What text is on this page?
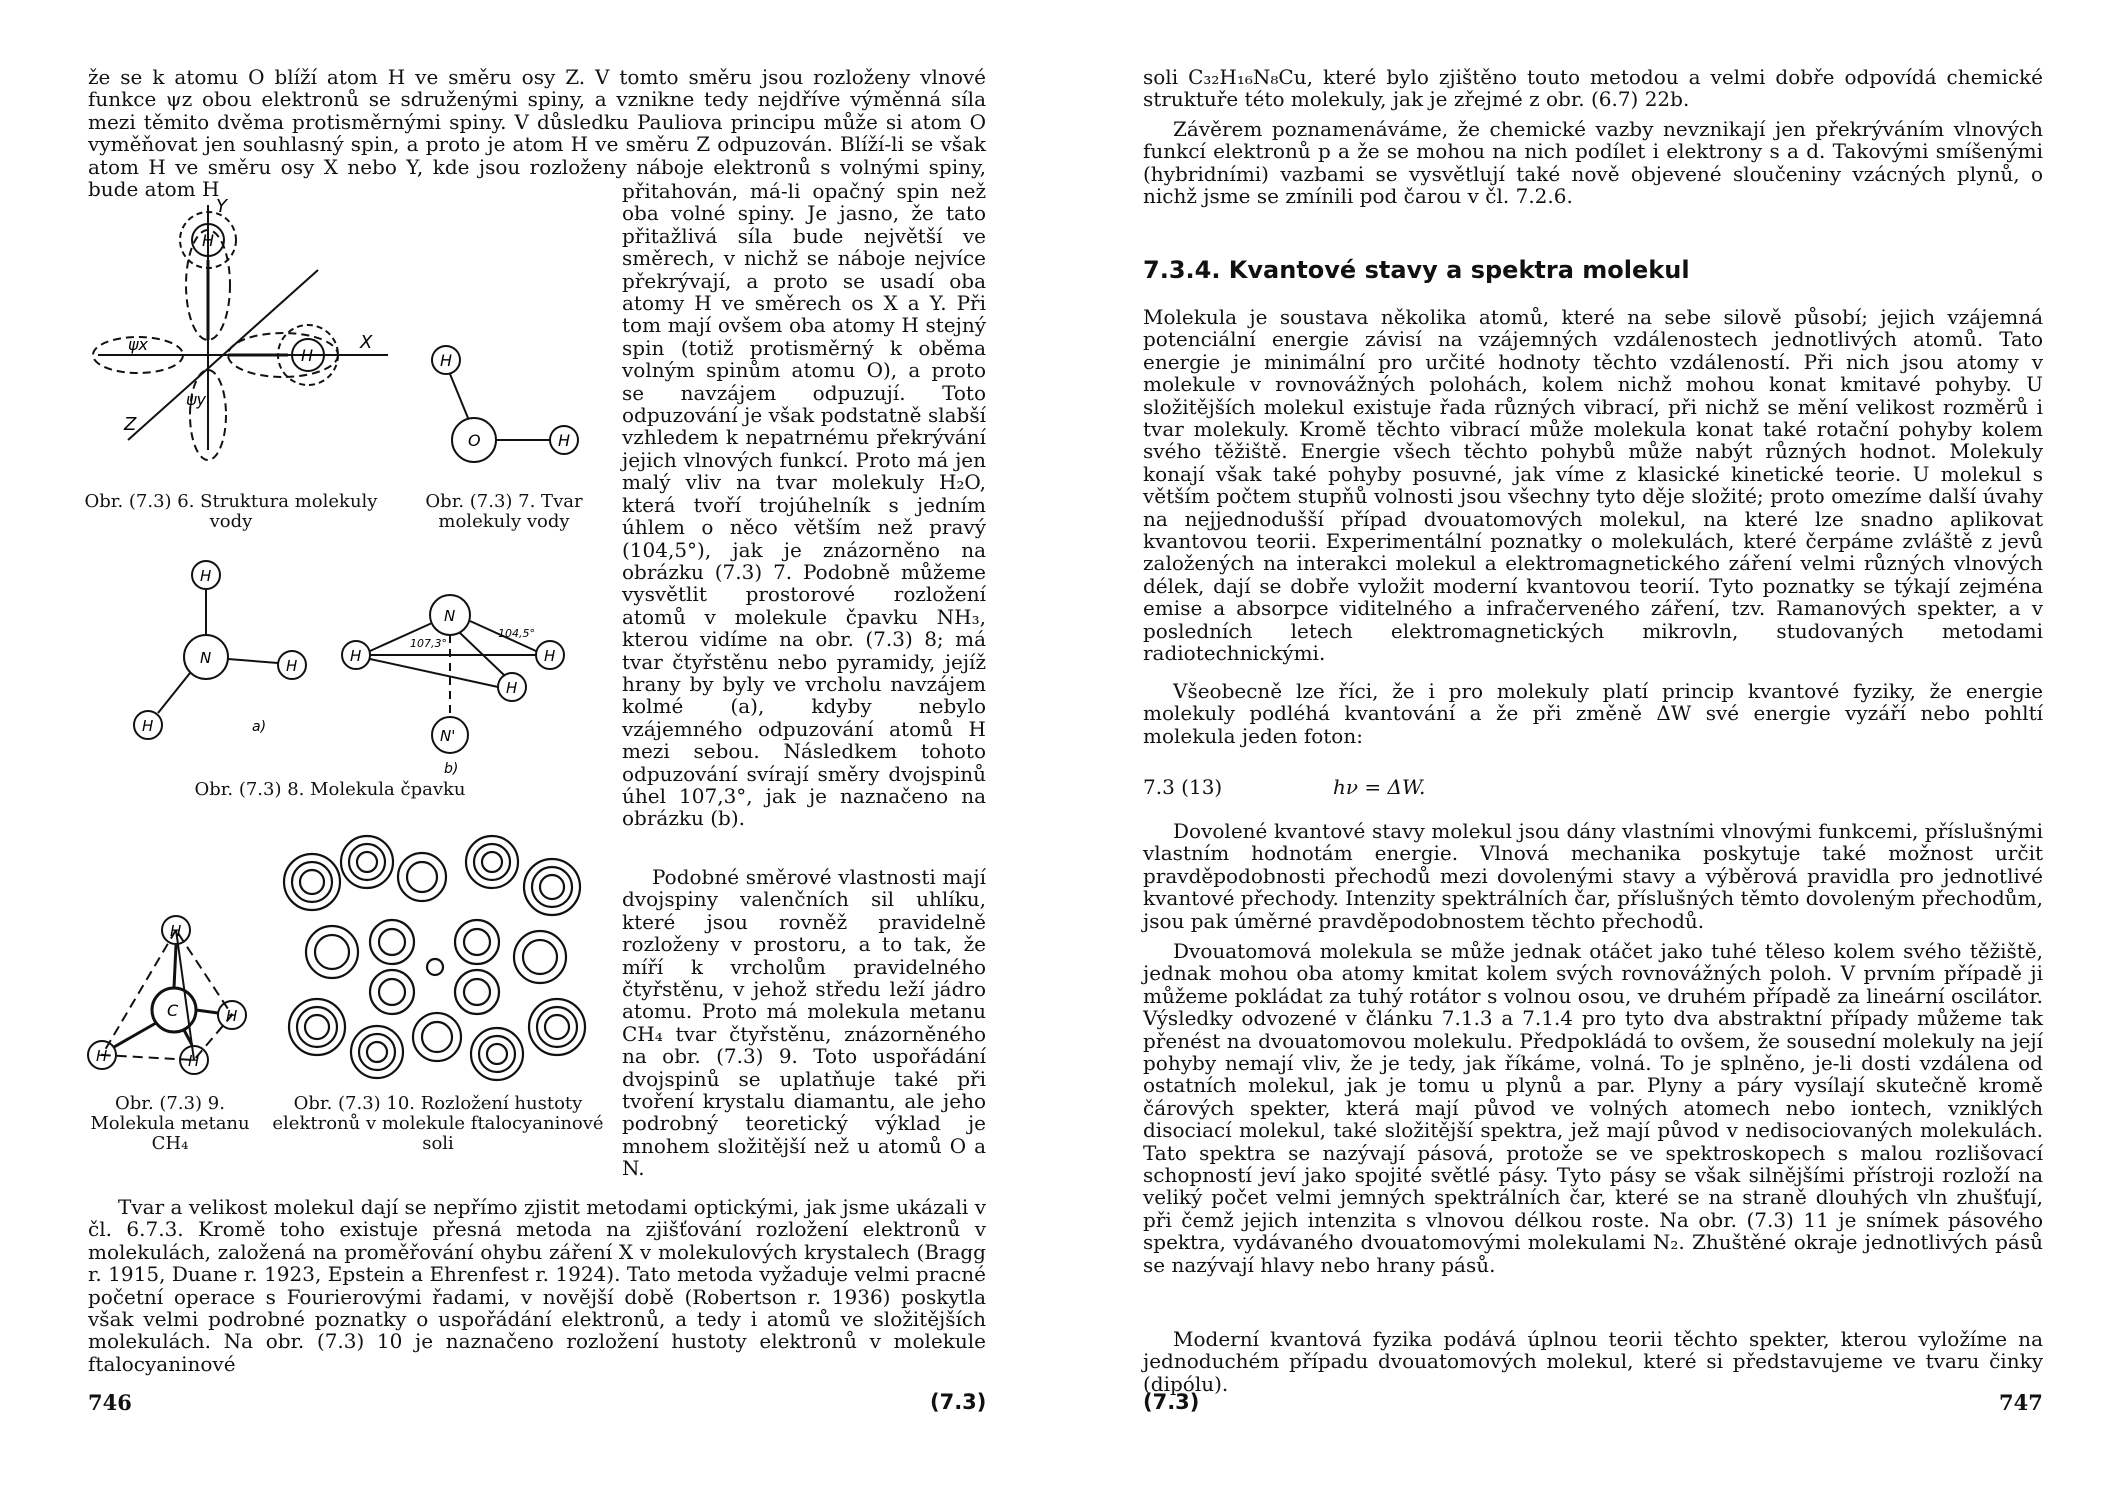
že se k atomu O blíží atom H ve směru osy Z. V tomto směru jsou rozloženy vlnové funkce ψz obou elektronů se sdruženými spiny, a vznikne tedy nejdříve výměnná síla mezi těmito dvěma protisměrnými spiny. V důsledku Pauliova principu může si atom O vyměňovat jen souhlasný spin, a proto je atom H ve směru Z odpuzován. Blíží-li se však atom H ve směru osy X nebo Y, kde jsou rozloženy náboje elektronů s volnými spiny, bude atom H

Y
X
Z
ψx
ψy
H
H
Obr. (7.3) 6. Struktura molekuly vody
H
O	H
Obr. (7.3) 7. Tvar molekuly vody
H
N	H
H	a)
N
H	H
H
N'
b)
107,3°
104,5°
Obr. (7.3) 8. Molekula čpavku
H
C
H	H
H
Obr. (7.3) 9. Molekula metanu CH₄
Obr. (7.3) 10. Rozložení hustoty elektronů v molekule ftalocyaninové soli

přitahován, má-li opačný spin než oba volné spiny. Je jasno, že tato přitažlivá síla bude největší ve směrech, v nichž se náboje nejvíce překrývají, a proto se usadí oba atomy H ve směrech os X a Y. Při tom mají ovšem oba atomy H stejný spin (totiž protisměrný k oběma volným spinům atomu O), a proto se navzájem odpuzují. Toto odpuzování je však podstatně slabší vzhledem k nepatrnému překrývání jejich vlnových funkcí. Proto má jen malý vliv na tvar molekuly H₂O, která tvoří trojúhelník s jedním úhlem o něco větším než pravý (104,5°), jak je znázorněno na obrázku (7.3) 7. Podobně můžeme vysvětlit prostorové rozložení atomů v molekule čpavku NH₃, kterou vidíme na obr. (7.3) 8; má tvar čtyřstěnu nebo pyramidy, jejíž hrany by byly ve vrcholu navzájem kolmé (a), kdyby nebylo vzájemného odpuzování atomů H mezi sebou. Následkem tohoto odpuzování svírají směry dvojspinů úhel 107,3°, jak je naznačeno na obrázku (b).

Podobné směrové vlastnosti mají dvojspiny valenčních sil uhlíku, které jsou rovněž pravidelně rozloženy v prostoru, a to tak, že míří k vrcholům pravidelného čtyřstěnu, v jehož středu leží jádro atomu. Proto má molekula metanu CH₄ tvar čtyřstěnu, znázorněného na obr. (7.3) 9. Toto uspořádání dvojspinů se uplatňuje také při tvoření krystalu diamantu, ale jeho podrobný teoretický výklad je mnohem složitější než u atomů O a N.

Tvar a velikost molekul dají se nepřímo zjistit metodami optickými, jak jsme ukázali v čl. 6.7.3. Kromě toho existuje přesná metoda na zjišťování rozložení elektronů v molekulách, založená na proměřování ohybu záření X v molekulových krystalech (Bragg r. 1915, Duane r. 1923, Epstein a Ehrenfest r. 1924). Tato metoda vyžaduje velmi pracné početní operace s Fourierovými řadami, v novější době (Robertson r. 1936) poskytla však velmi podrobné poznatky o uspořádání elektronů, a tedy i atomů ve složitějších molekulách. Na obr. (7.3) 10 je naznačeno rozložení hustoty elektronů v molekule ftalocyaninové

746	(7.3)

soli C₃₂H₁₆N₈Cu, které bylo zjištěno touto metodou a velmi dobře odpovídá chemické struktuře této molekuly, jak je zřejmé z obr. (6.7) 22b.

Závěrem poznamenáváme, že chemické vazby nevznikají jen překrýváním vlnových funkcí elektronů p a že se mohou na nich podílet i elektrony s a d. Takovými smíšenými (hybridními) vazbami se vysvětlují také nově objevené sloučeniny vzácných plynů, o nichž jsme se zmínili pod čarou v čl. 7.2.6.

7.3.4. Kvantové stavy a spektra molekul

Molekula je soustava několika atomů, které na sebe silově působí; jejich vzájemná potenciální energie závisí na vzájemných vzdálenostech jednotlivých atomů. Tato energie je minimální pro určité hodnoty těchto vzdáleností. Při nich jsou atomy v molekule v rovnovážných polohách, kolem nichž mohou konat kmitavé pohyby. U složitějších molekul existuje řada různých vibrací, při nichž se mění velikost rozměrů i tvar molekuly. Kromě těchto vibrací může molekula konat také rotační pohyby kolem svého těžiště. Energie všech těchto pohybů může nabýt různých hodnot. Molekuly konají však také pohyby posuvné, jak víme z klasické kinetické teorie. U molekul s větším počtem stupňů volnosti jsou všechny tyto děje složité; proto omezíme další úvahy na nejjednodušší případ dvouatomových molekul, na které lze snadno aplikovat kvantovou teorii. Experimentální poznatky o molekulách, které čerpáme zvláště z jevů založených na interakci molekul a elektromagnetického záření velmi různých vlnových délek, dají se dobře vyložit moderní kvantovou teorií. Tyto poznatky se týkají zejména emise a absorpce viditelného a infračerveného záření, tzv. Ramanových spekter, a v posledních letech elektromagnetických mikrovln, studovaných metodami radiotechnickými.

Všeobecně lze říci, že i pro molekuly platí princip kvantové fyziky, že energie molekuly podléhá kvantování a že při změně ΔW své energie vyzáří nebo pohltí molekula jeden foton:

7.3 (13)	hν = ΔW.

Dovolené kvantové stavy molekul jsou dány vlastními vlnovými funkcemi, příslušnými vlastním hodnotám energie. Vlnová mechanika poskytuje také možnost určit pravděpodobnosti přechodů mezi dovolenými stavy a výběrová pravidla pro jednotlivé kvantové přechody. Intenzity spektrálních čar, příslušných těmto dovoleným přechodům, jsou pak úměrné pravděpodobnostem těchto přechodů.

Dvouatomová molekula se může jednak otáčet jako tuhé těleso kolem svého těžiště, jednak mohou oba atomy kmitat kolem svých rovnovážných poloh. V prvním případě ji můžeme pokládat za tuhý rotátor s volnou osou, ve druhém případě za lineární oscilátor. Výsledky odvozené v článku 7.1.3 a 7.1.4 pro tyto dva abstraktní případy můžeme tak přenést na dvouatomovou molekulu. Předpokládá to ovšem, že sousední molekuly na její pohyby nemají vliv, že je tedy, jak říkáme, volná. To je splněno, je-li dosti vzdálena od ostatních molekul, jak je tomu u plynů a par. Plyny a páry vysílají skutečně kromě čárových spekter, která mají původ ve volných atomech nebo iontech, vzniklých disociací molekul, také složitější spektra, jež mají původ v nedisociovaných molekulách. Tato spektra se nazývají pásová, protože se ve spektroskopech s malou rozlišovací schopností jeví jako spojité světlé pásy. Tyto pásy se však silnějšími přístroji rozloží na veliký počet velmi jemných spektrálních čar, které se na straně dlouhých vln zhušťují, při čemž jejich intenzita s vlnovou délkou roste. Na obr. (7.3) 11 je snímek pásového spektra, vydávaného dvouatomovými molekulami N₂. Zhuštěné okraje jednotlivých pásů se nazývají hlavy nebo hrany pásů.

Moderní kvantová fyzika podává úplnou teorii těchto spekter, kterou vyložíme na jednoduchém případu dvouatomových molekul, které si představujeme ve tvaru činky (dipólu).

(7.3)	747
